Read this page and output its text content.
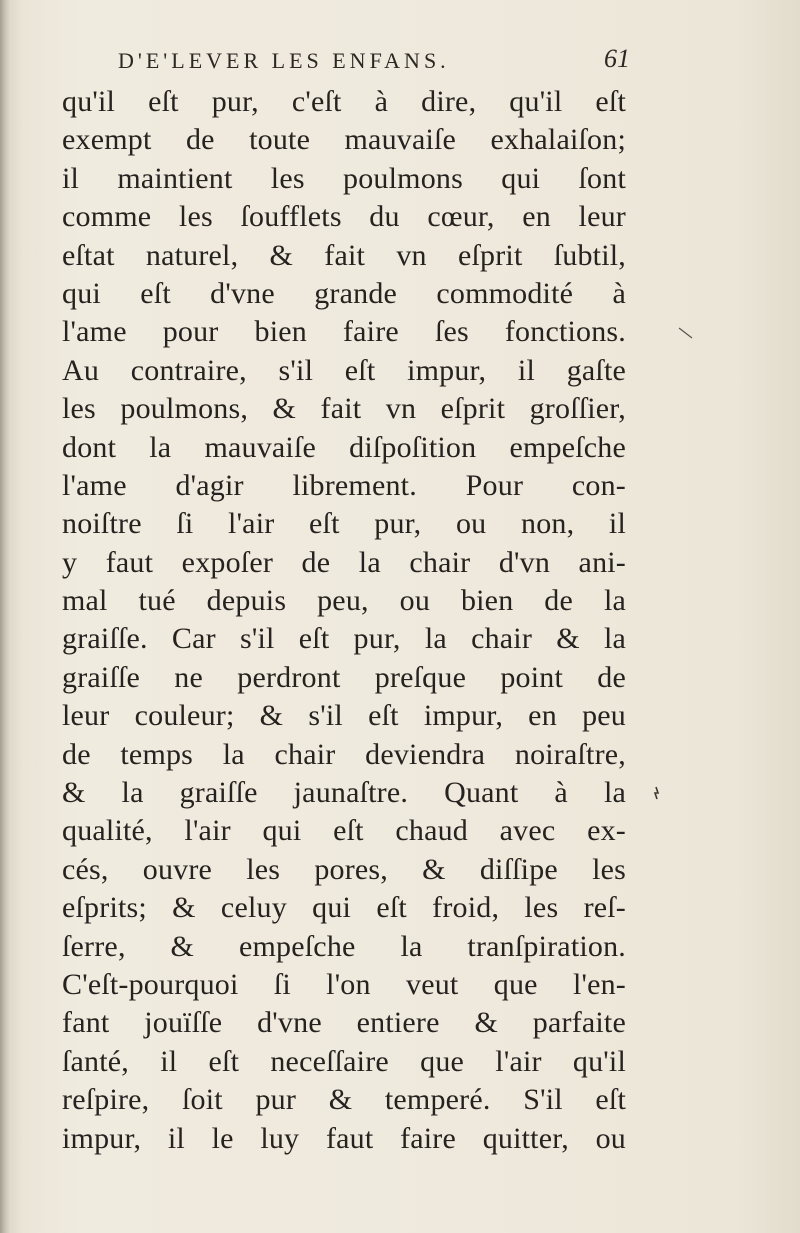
D'E'LEVER LES ENFANS.	61
qu'il eſt pur, c'eſt à dire, qu'il eſt
exempt de toute mauvaiſe exhalaiſon;
il maintient les poulmons qui ſont
comme les ſoufflets du cœur, en leur
eſtat naturel, & fait vn eſprit ſubtil,
qui eſt d'vne grande commodité à
l'ame pour bien faire ſes fonctions.
Au contraire, s'il eſt impur, il gaſte
les poulmons, & fait vn eſprit groſſier,
dont la mauvaiſe diſpoſition empeſche
l'ame d'agir librement. Pour con-
noiſtre ſi l'air eſt pur, ou non, il
y faut expoſer de la chair d'vn ani-
mal tué depuis peu, ou bien de la
graiſſe. Car s'il eſt pur, la chair & la
graiſſe ne perdront preſque point de
leur couleur; & s'il eſt impur, en peu
de temps la chair deviendra noiraſtre,
& la graiſſe jaunaſtre. Quant à la
qualité, l'air qui eſt chaud avec ex-
cés, ouvre les pores, & diſſipe les
eſprits; & celuy qui eſt froid, les reſ-
ſerre, & empeſche la tranſpiration.
C'eſt-pourquoi ſi l'on veut que l'en-
fant jouïſſe d'vne entiere & parfaite
ſanté, il eſt neceſſaire que l'air qu'il
reſpire, ſoit pur & temperé. S'il eſt
impur, il le luy faut faire quitter, ou
